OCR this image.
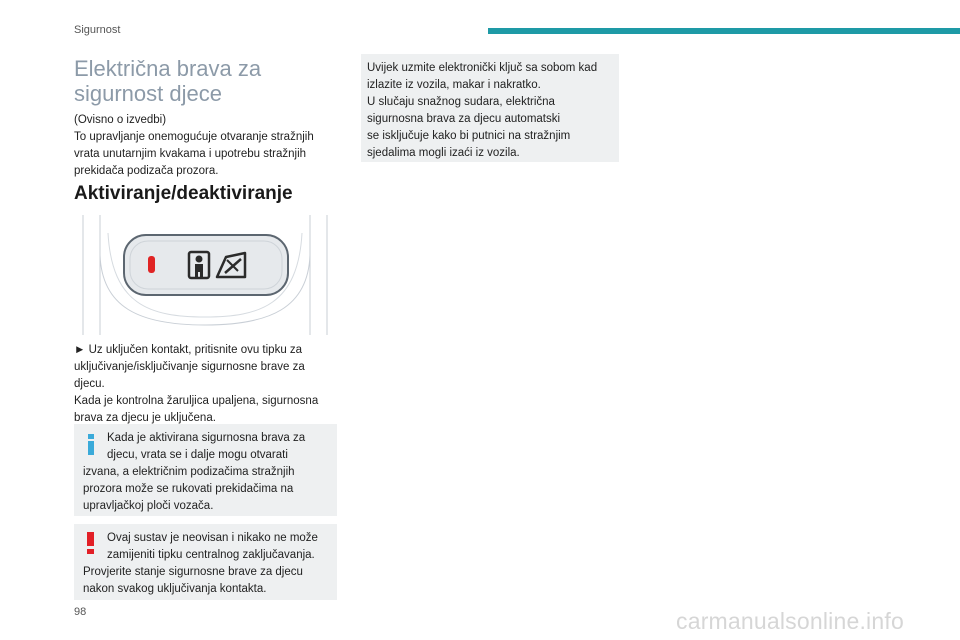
Sigurnost
Električna brava za
sigurnost djece
(Ovisno o izvedbi)
To upravljanje onemogućuje otvaranje stražnjih
vrata unutarnjim kvakama i upotrebu stražnjih
prekidača podizača prozora.
Aktiviranje/deaktiviranje
► Uz uključen kontakt, pritisnite ovu tipku za
uključivanje/isključivanje sigurnosne brave za
djecu.
Kada je kontrolna žaruljica upaljena, sigurnosna
brava za djecu je uključena.
Kada je aktivirana sigurnosna brava za
djecu, vrata se i dalje mogu otvarati
izvana, a električnim podizačima stražnjih
prozora može se rukovati prekidačima na
upravljačkoj ploči vozača.
Ovaj sustav je neovisan i nikako ne može
zamijeniti tipku centralnog zaključavanja.
Provjerite stanje sigurnosne brave za djecu
nakon svakog uključivanja kontakta.
Uvijek uzmite elektronički ključ sa sobom kad
izlazite iz vozila, makar i nakratko.
U slučaju snažnog sudara, električna
sigurnosna brava za djecu automatski
se isključuje kako bi putnici na stražnjim
sjedalima mogli izaći iz vozila.
98	carmanualsonline.info
